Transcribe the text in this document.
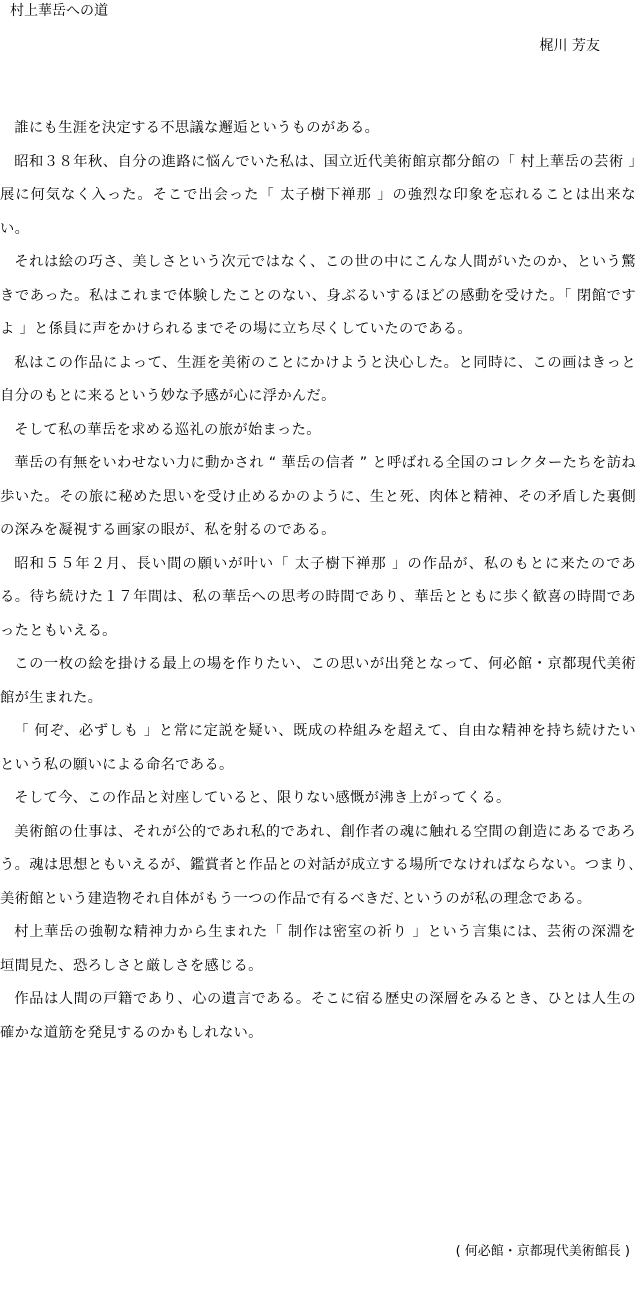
村上華岳への道
梶川 芳友

誰にも生涯を決定する不思議な邂逅というものがある。

昭和３８年秋、自分の進路に悩んでいた私は、国立近代美術館京都分館の「 村上華岳の芸術 」展に何気なく入った。そこで出会った「 太子樹下禅那 」の強烈な印象を忘れることは出来ない。

それは絵の巧さ、美しさという次元ではなく、この世の中にこんな人間がいたのか、という驚きであった。私はこれまで体験したことのない、身ぶるいするほどの感動を受けた。「 閉館ですよ 」と係員に声をかけられるまでその場に立ち尽くしていたのである。

私はこの作品によって、生涯を美術のことにかけようと決心した。と同時に、この画はきっと自分のもとに来るという妙な予感が心に浮かんだ。

そして私の華岳を求める巡礼の旅が始まった。

華岳の有無をいわせない力に動かされ “ 華岳の信者 ” と呼ばれる全国のコレクターたちを訪ね歩いた。その旅に秘めた思いを受け止めるかのように、生と死、肉体と精神、その矛盾した裏側の深みを凝視する画家の眼が、私を射るのである。

昭和５５年２月、長い間の願いが叶い「 太子樹下禅那 」の作品が、私のもとに来たのである。待ち続けた１７年間は、私の華岳への思考の時間であり、華岳とともに歩く歓喜の時間であったともいえる。

この一枚の絵を掛ける最上の場を作りたい、この思いが出発となって、何必館・京都現代美術館が生まれた。

「 何ぞ、必ずしも 」と常に定説を疑い、既成の枠組みを超えて、自由な精神を持ち続けたいという私の願いによる命名である。

そして今、この作品と対座していると、限りない感慨が沸き上がってくる。

美術館の仕事は、それが公的であれ私的であれ、創作者の魂に触れる空間の創造にあるであろう。魂は思想ともいえるが、鑑賞者と作品との対話が成立する場所でなければならない。つまり､美術館という建造物それ自体がもう一つの作品で有るべきだ､というのが私の理念である。

村上華岳の強靭な精神力から生まれた「 制作は密室の祈り 」という言集には、芸術の深淵を垣間見た、恐ろしさと厳しさを感じる。

作品は人間の戸籍であり、心の遺言である。そこに宿る歴史の深層をみるとき、ひとは人生の確かな道筋を発見するのかもしれない。

( 何必館・京都現代美術館長 )
